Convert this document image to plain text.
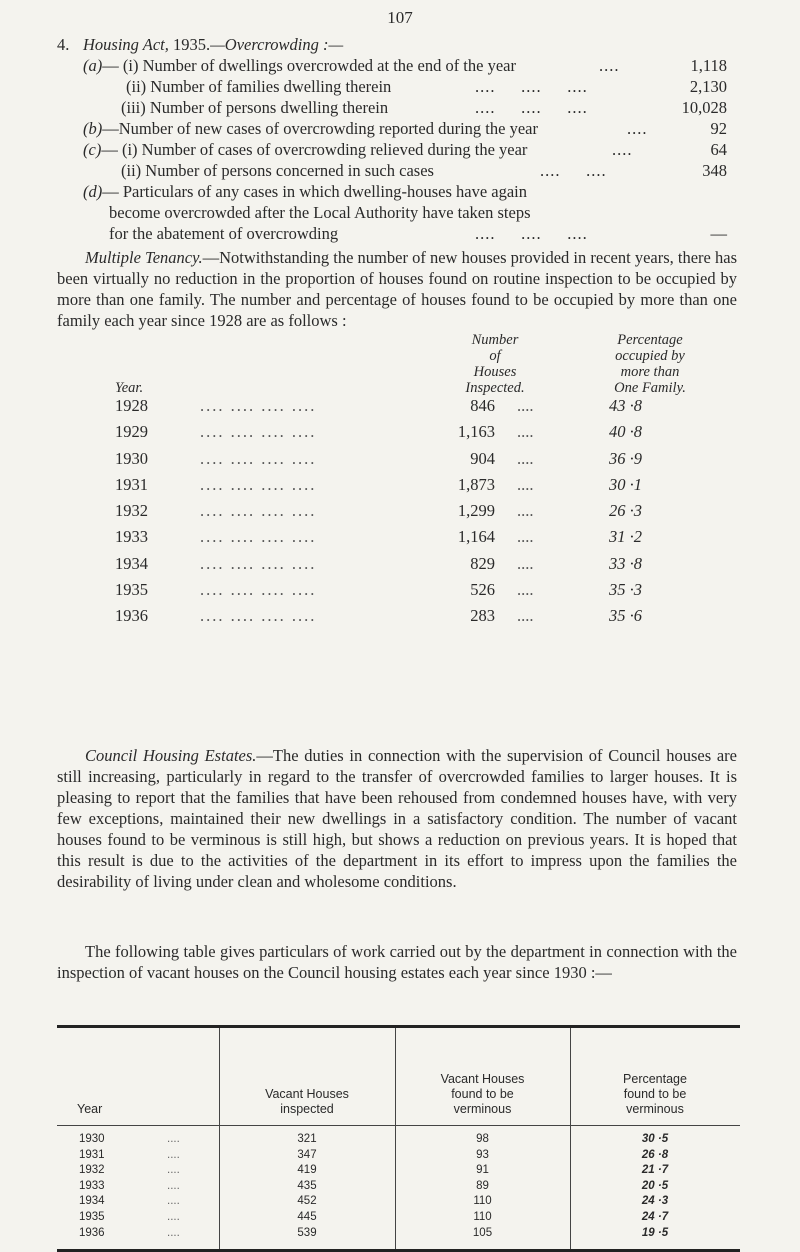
107
4. Housing Act, 1935.—Overcrowding :—
(a)— (i) Number of dwellings overcrowded at the end of the year	....	1,118
(ii) Number of families dwelling therein	....     ....     ....	2,130
(iii) Number of persons dwelling therein	....     ....     ....	10,028
(b)—Number of new cases of overcrowding reported during the year	....	92
(c)— (i) Number of cases of overcrowding relieved during the year	....	64
(ii) Number of persons concerned in such cases	....     ....	348
(d)— Particulars of any cases in which dwelling-houses have again
become overcrowded after the Local Authority have taken steps
for the abatement of overcrowding	....     ....     ....	—
Multiple Tenancy.—Notwithstanding the number of new houses provided in recent years, there has been virtually no reduction in the proportion of houses found on routine inspection to be occupied by more than one family. The number and percentage of houses found to be occupied by more than one family each year since 1928 are as follows :
Year.
Number
of
Houses
Inspected.
Percentage
occupied by
more than
One Family.
1928	.... .... .... ....	846 ....	43 ·8
1929	.... .... .... ....	1,163 ....	40 ·8
1930	.... .... .... ....	904 ....	36 ·9
1931	.... .... .... ....	1,873 ....	30 ·1
1932	.... .... .... ....	1,299 ....	26 ·3
1933	.... .... .... ....	1,164 ....	31 ·2
1934	.... .... .... ....	829 ....	33 ·8
1935	.... .... .... ....	526 ....	35 ·3
1936	.... .... .... ....	283 ....	35 ·6
Council Housing Estates.—The duties in connection with the supervision of Council houses are still increasing, particularly in regard to the transfer of overcrowded families to larger houses. It is pleasing to report that the families that have been rehoused from condemned houses have, with very few exceptions, maintained their new dwellings in a satisfactory condition. The number of vacant houses found to be verminous is still high, but shows a reduction on previous years. It is hoped that this result is due to the activities of the department in its effort to impress upon the families the desirability of living under clean and wholesome conditions.
The following table gives particulars of work carried out by the department in connection with the inspection of vacant houses on the Council housing estates each year since 1930 :—
Year
Vacant Houses
inspected
Vacant Houses
found to be
verminous
Percentage
found to be
verminous
1930	....	321	98	30 ·5
1931	....	347	93	26 ·8
1932	....	419	91	21 ·7
1933	....	435	89	20 ·5
1934	....	452	110	24 ·3
1935	....	445	110	24 ·7
1936	....	539	105	19 ·5
